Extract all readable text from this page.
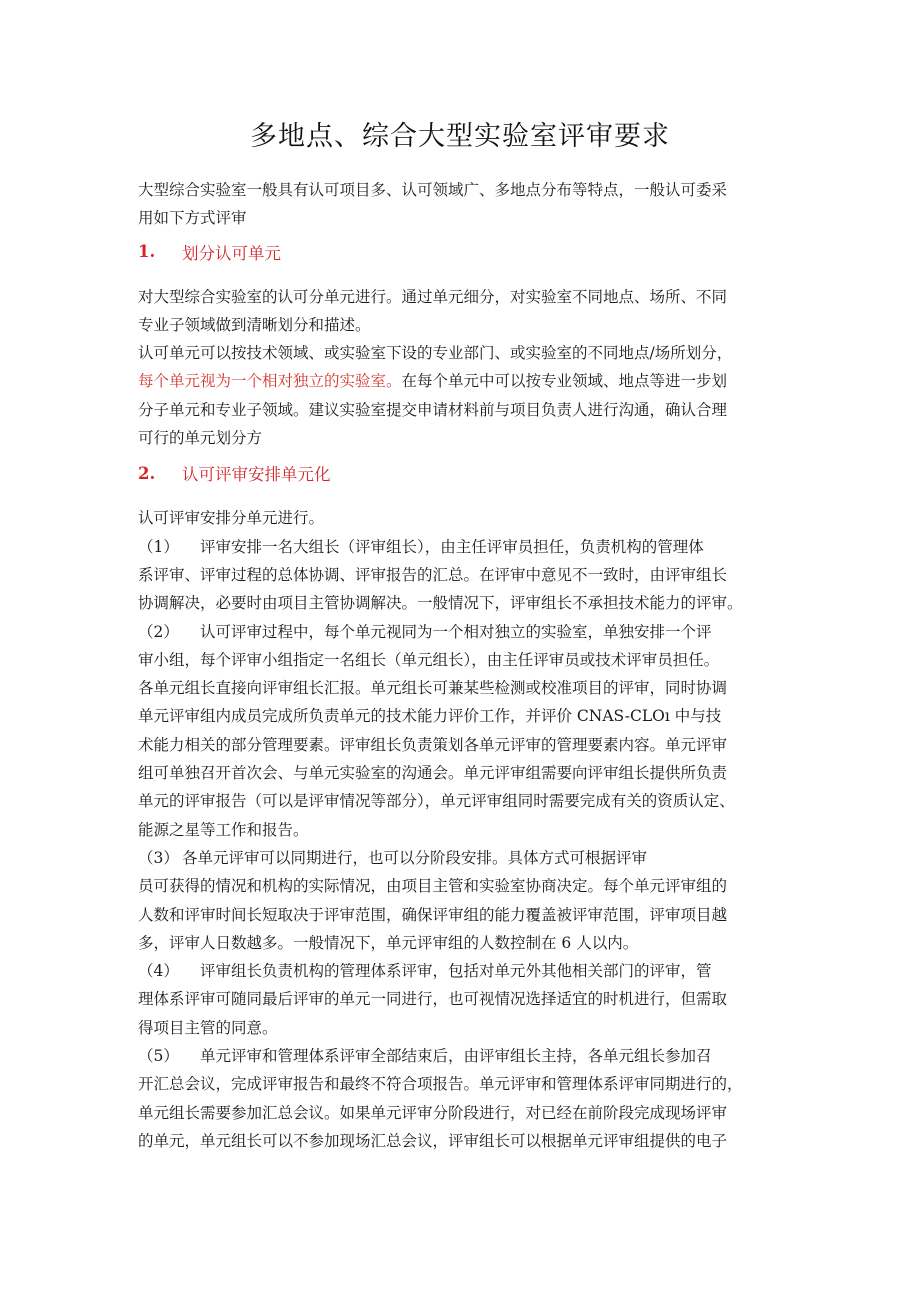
多地点、综合大型实验室评审要求

大型综合实验室一般具有认可项目多、认可领域广、多地点分布等特点，一般认可委采

用如下方式评审

1.	划分认可单元

对大型综合实验室的认可分单元进行。通过单元细分，对实验室不同地点、场所、不同

专业子领域做到清晰划分和描述。

认可单元可以按技术领域、或实验室下设的专业部门、或实验室的不同地点/场所划分，

每个单元视为一个相对独立的实验室。在每个单元中可以按专业领域、地点等进一步划

分子单元和专业子领域。建议实验室提交申请材料前与项目负责人进行沟通，确认合理

可行的单元划分方

2.	认可评审安排单元化

认可评审安排分单元进行。

（1） 评审安排一名大组长（评审组长），由主任评审员担任，负责机构的管理体

系评审、评审过程的总体协调、评审报告的汇总。在评审中意见不一致时，由评审组长

协调解决，必要时由项目主管协调解决。一般情况下，评审组长不承担技术能力的评审。

（2） 认可评审过程中，每个单元视同为一个相对独立的实验室，单独安排一个评

审小组，每个评审小组指定一名组长（单元组长），由主任评审员或技术评审员担任。

各单元组长直接向评审组长汇报。单元组长可兼某些检测或校准项目的评审，同时协调

单元评审组内成员完成所负责单元的技术能力评价工作，并评价 CNAS-CLOı 中与技

术能力相关的部分管理要素。评审组长负责策划各单元评审的管理要素内容。单元评审

组可单独召开首次会、与单元实验室的沟通会。单元评审组需要向评审组长提供所负责

单元的评审报告（可以是评审情况等部分），单元评审组同时需要完成有关的资质认定、

能源之星等工作和报告。

（3） 各单元评审可以同期进行，也可以分阶段安排。具体方式可根据评审

员可获得的情况和机构的实际情况，由项目主管和实验室协商决定。每个单元评审组的

人数和评审时间长短取决于评审范围，确保评审组的能力覆盖被评审范围，评审项目越

多，评审人日数越多。一般情况下，单元评审组的人数控制在 6 人以内。

（4） 评审组长负责机构的管理体系评审，包括对单元外其他相关部门的评审，管

理体系评审可随同最后评审的单元一同进行，也可视情况选择适宜的时机进行，但需取

得项目主管的同意。

（5） 单元评审和管理体系评审全部结束后，由评审组长主持，各单元组长参加召

开汇总会议，完成评审报告和最终不符合项报告。单元评审和管理体系评审同期进行的，

单元组长需要参加汇总会议。如果单元评审分阶段进行，对已经在前阶段完成现场评审

的单元，单元组长可以不参加现场汇总会议，评审组长可以根据单元评审组提供的电子
